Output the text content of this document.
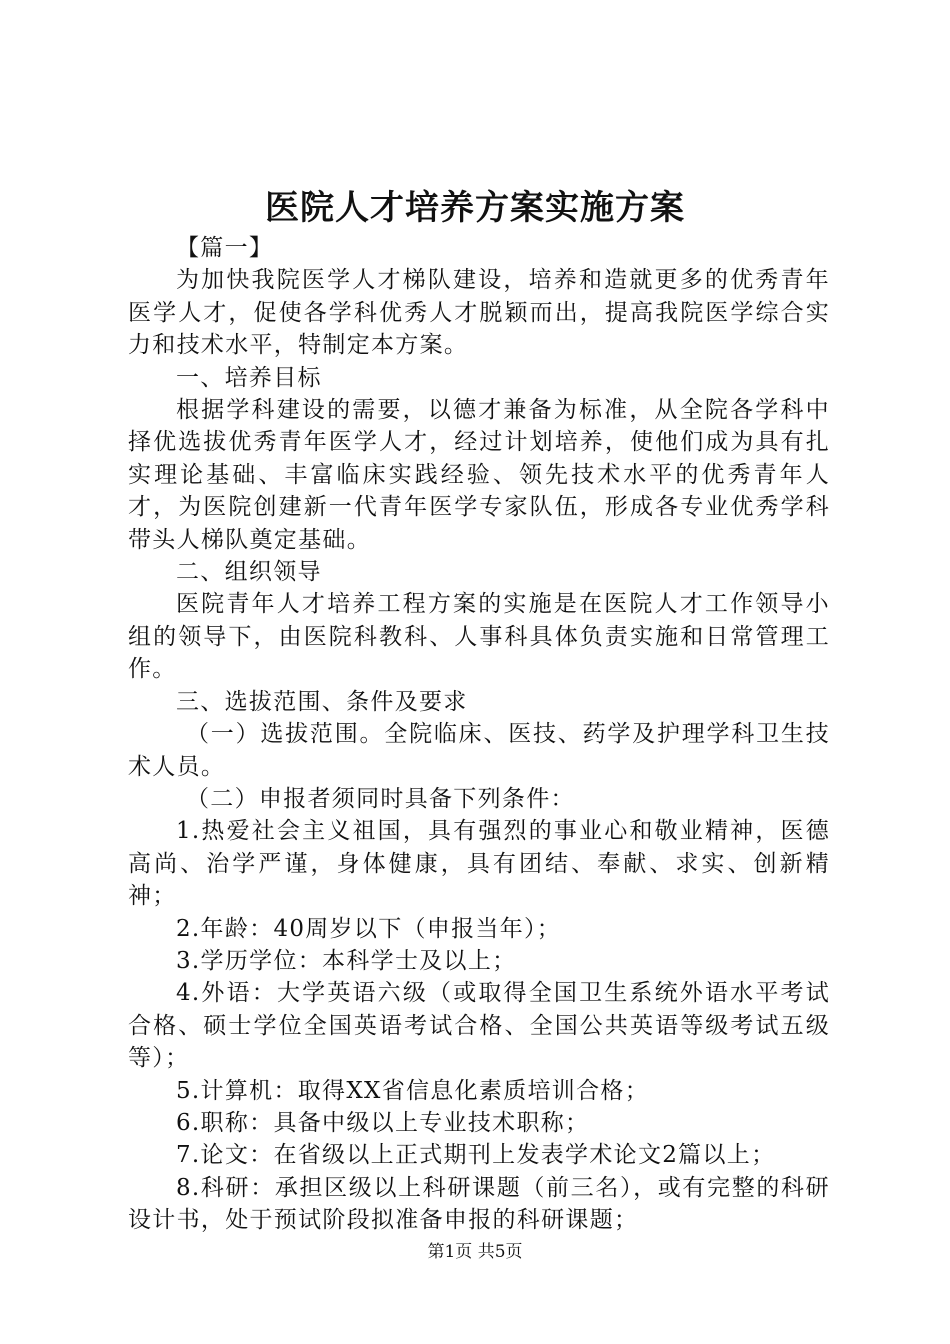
医院人才培养方案实施方案

【篇一】

为加快我院医学人才梯队建设，培养和造就更多的优秀青年医学人才，促使各学科优秀人才脱颖而出，提高我院医学综合实力和技术水平，特制定本方案。

一、培养目标

根据学科建设的需要，以德才兼备为标准，从全院各学科中择优选拔优秀青年医学人才，经过计划培养，使他们成为具有扎实理论基础、丰富临床实践经验、领先技术水平的优秀青年人才，为医院创建新一代青年医学专家队伍，形成各专业优秀学科带头人梯队奠定基础。

二、组织领导

医院青年人才培养工程方案的实施是在医院人才工作领导小组的领导下，由医院科教科、人事科具体负责实施和日常管理工作。

三、选拔范围、条件及要求

（一）选拔范围。全院临床、医技、药学及护理学科卫生技术人员。

（二）申报者须同时具备下列条件：

1.热爱社会主义祖国，具有强烈的事业心和敬业精神，医德高尚、治学严谨，身体健康，具有团结、奉献、求实、创新精神；

2.年龄：40周岁以下（申报当年）；

3.学历学位：本科学士及以上；

4.外语：大学英语六级（或取得全国卫生系统外语水平考试合格、硕士学位全国英语考试合格、全国公共英语等级考试五级等）；

5.计算机：取得XX省信息化素质培训合格；

6.职称：具备中级以上专业技术职称；

7.论文：在省级以上正式期刊上发表学术论文2篇以上；

8.科研：承担区级以上科研课题（前三名），或有完整的科研设计书，处于预试阶段拟准备申报的科研课题；

第1页 共5页
